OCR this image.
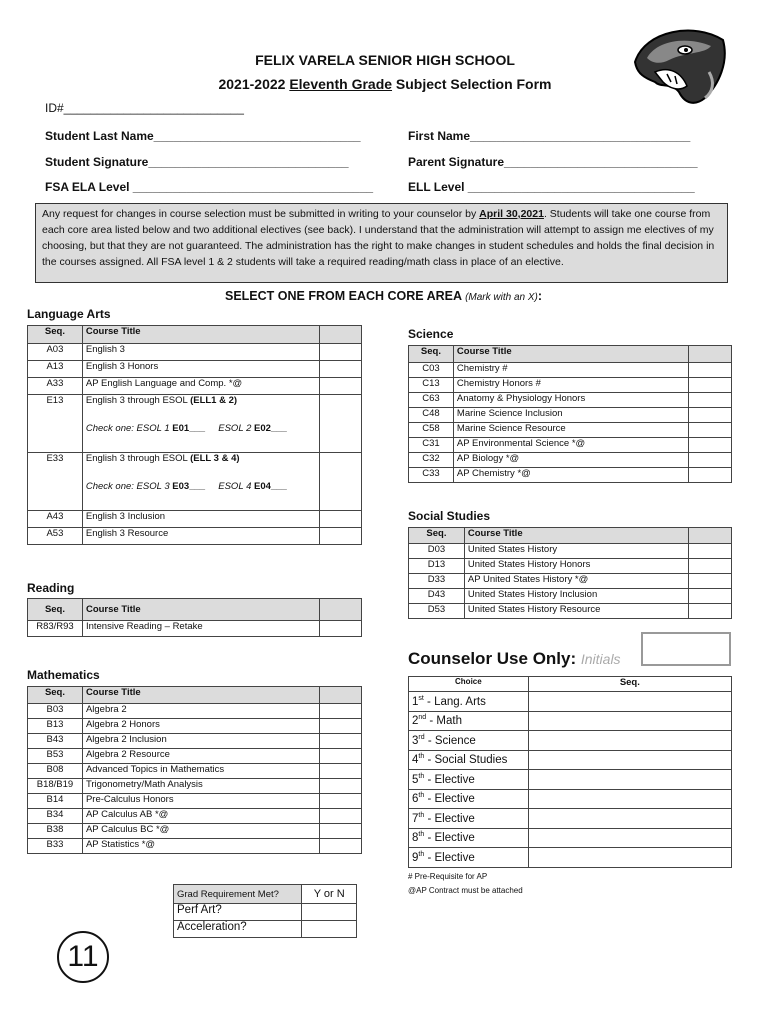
FELIX VARELA SENIOR HIGH SCHOOL
2021-2022 Eleventh Grade Subject Selection Form
ID#___________________________
Student Last Name_______________________________	First Name_________________________________
Student Signature______________________________	Parent Signature_____________________________
FSA ELA Level ____________________________________	ELL Level __________________________________
Any request for changes in course selection must be submitted in writing to your counselor by April 30,2021. Students will take one course from each core area listed below and two additional electives (see back). I understand that the administration will attempt to assign me electives of my choosing, but that they are not guaranteed. The administration has the right to make changes in student schedules and holds the final decision in the courses assigned. All FSA level 1 & 2 students will take a required reading/math class in place of an elective.
SELECT ONE FROM EACH CORE AREA (Mark with an X):
Language Arts
Seq.	Course Title	
A03	English 3	
A13	English 3 Honors	
A33	AP English Language and Comp. *@	
E13	English 3 through ESOL (ELL1 & 2)
Check one: ESOL 1 E01___     ESOL 2 E02___	

E33	English 3 through ESOL (ELL 3 & 4)
Check one: ESOL 3 E03___     ESOL 4 E04___	

A43	English 3 Inclusion	
A53	English 3 Resource	
Reading
Seq.	Course Title	
R83/R93	Intensive Reading – Retake	
Mathematics
Seq.	Course Title	
B03	Algebra 2	
B13	Algebra 2 Honors	
B43	Algebra 2 Inclusion	
B53	Algebra 2 Resource	
B08	Advanced Topics in Mathematics	
B18/B19	Trigonometry/Math Analysis	
B14	Pre-Calculus Honors	
B34	AP Calculus AB *@	
B38	AP Calculus BC *@	
B33	AP Statistics *@	
Science
Seq.	Course Title	
C03	Chemistry #	
C13	Chemistry Honors #	
C63	Anatomy & Physiology Honors	
C48	Marine Science Inclusion	
C58	Marine Science Resource	
C31	AP Environmental Science *@	
C32	AP Biology *@	
C33	AP Chemistry *@	
Social Studies
Seq.	Course Title	
D03	United States History	
D13	United States History Honors	
D33	AP United States History *@	
D43	United States History Inclusion	
D53	United States History Resource	
Counselor Use Only: Initials
Choice	Seq.
1st - Lang. Arts	
2nd - Math	
3rd - Science	
4th - Social Studies	
5th - Elective	
6th - Elective	
7th - Elective	
8th - Elective	
9th - Elective	
# Pre-Requisite for AP
@AP Contract must be attached
Grad Requirement Met?	Y or N
Perf Art?	
Acceleration?	
11
